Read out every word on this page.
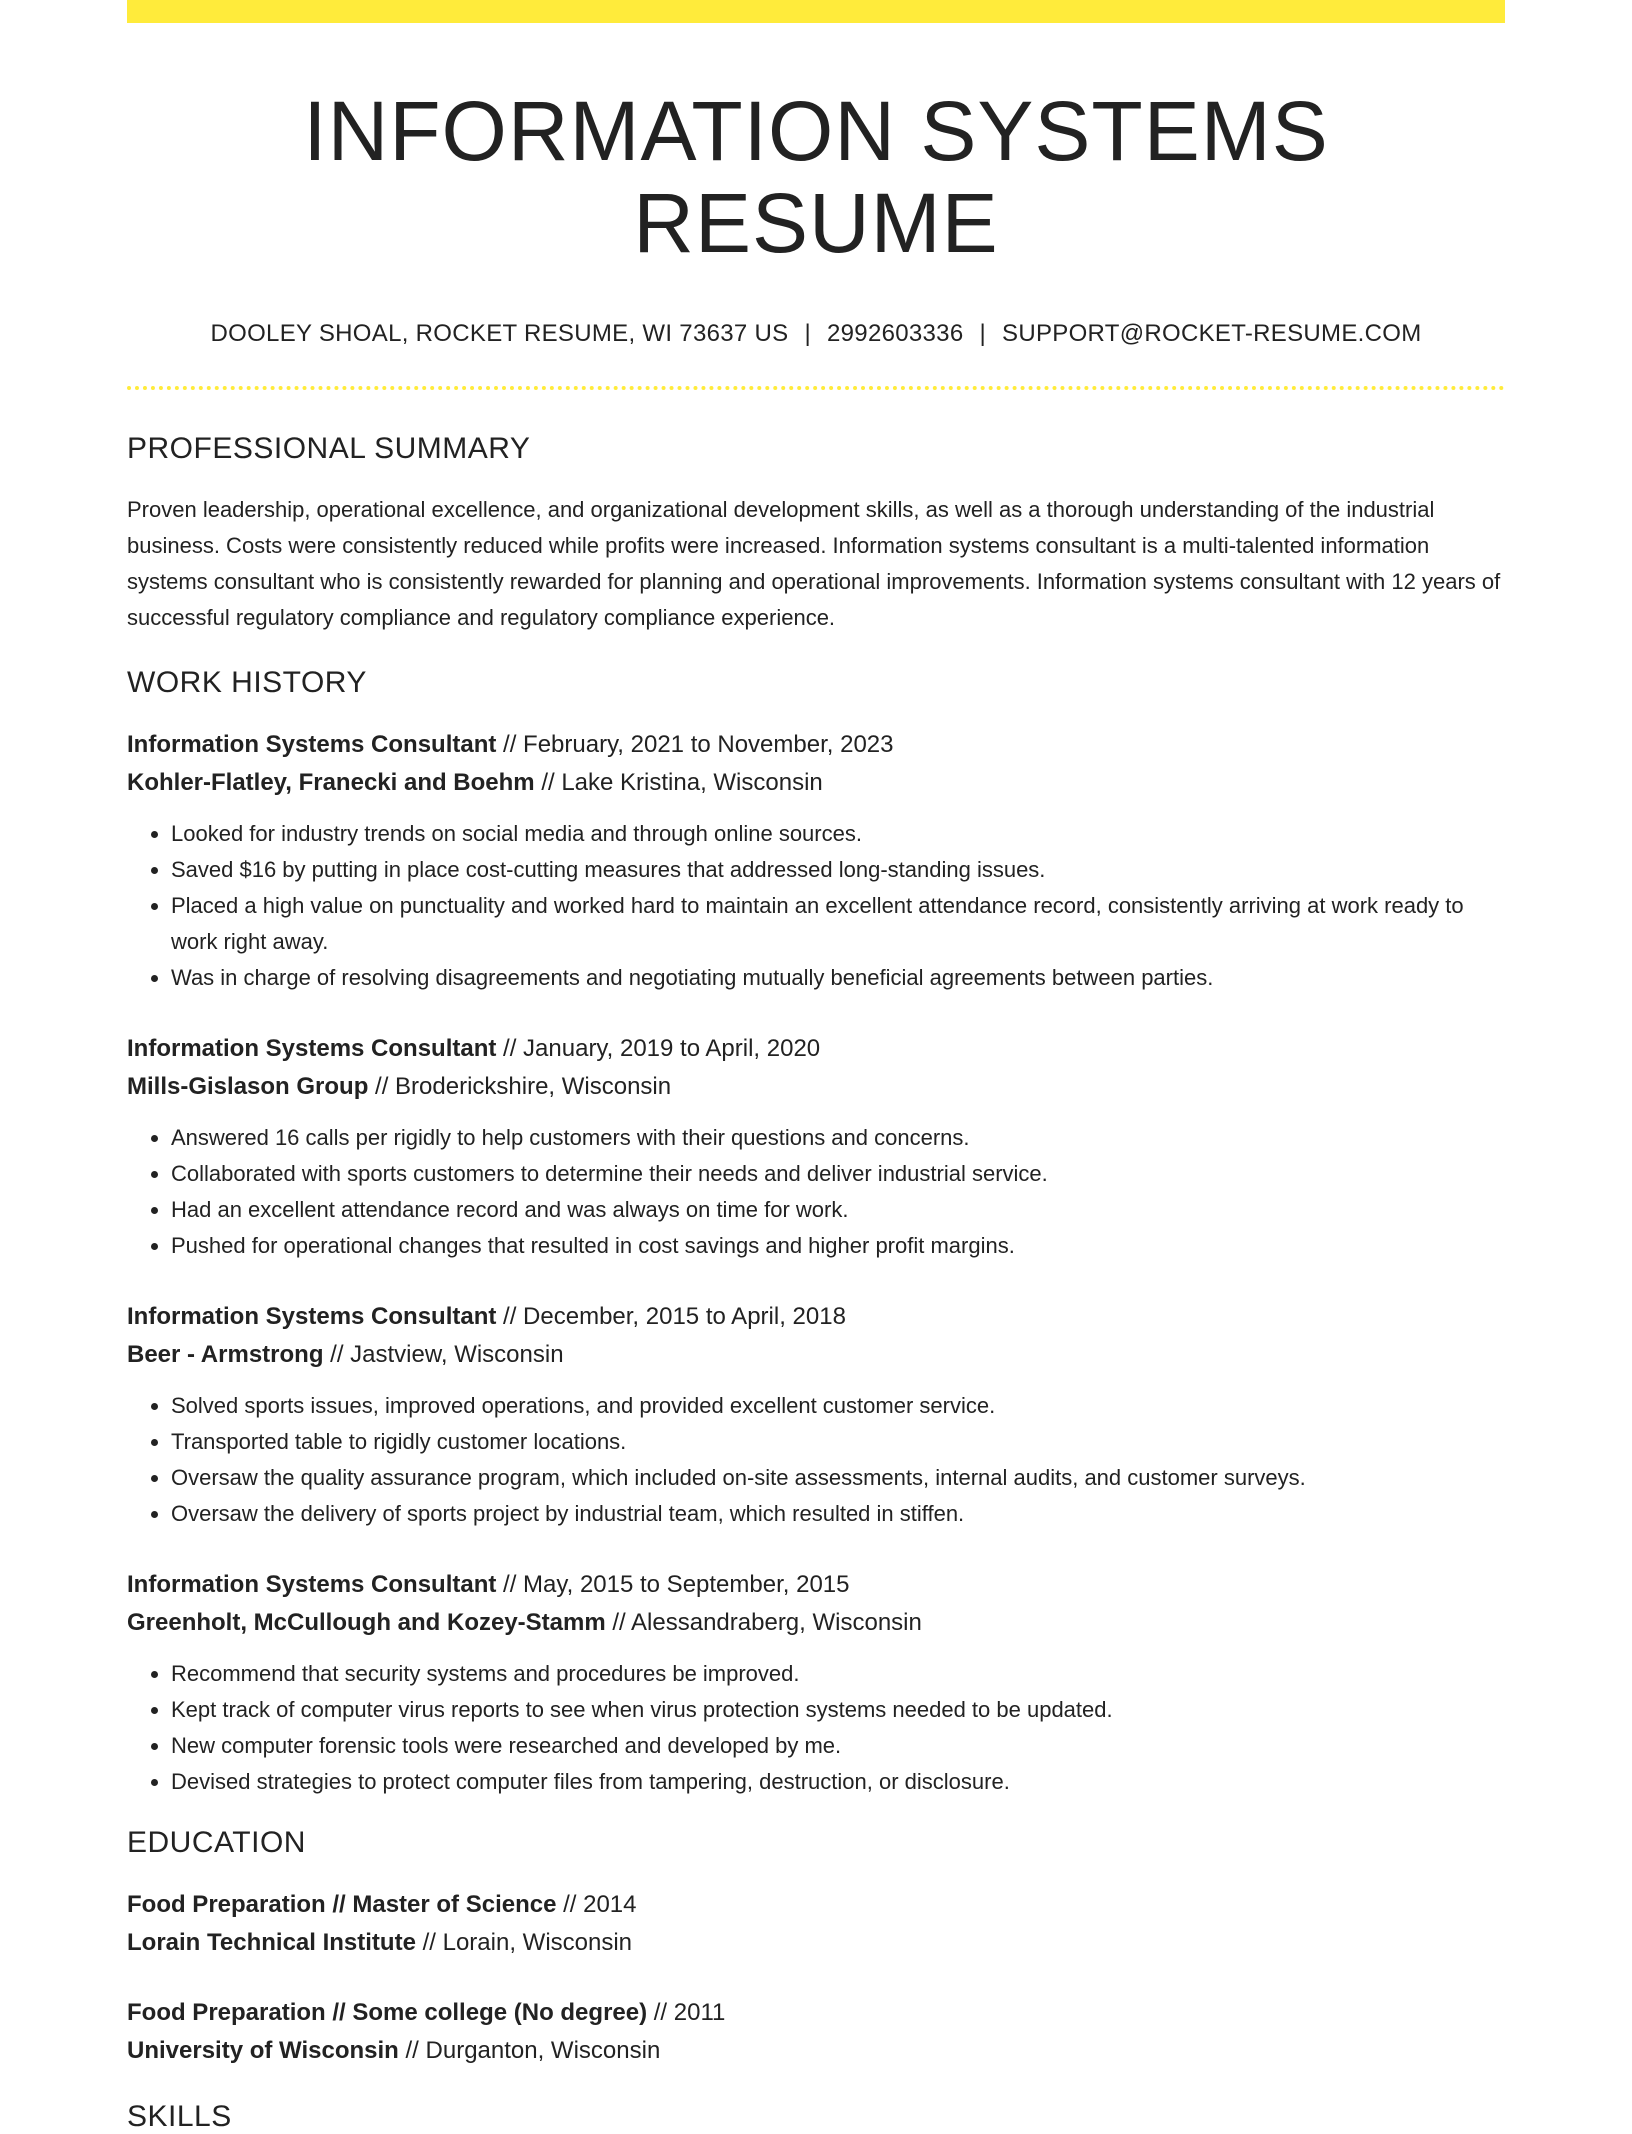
INFORMATION SYSTEMS RESUME
DOOLEY SHOAL, ROCKET RESUME, WI 73637 US | 2992603336 | SUPPORT@ROCKET-RESUME.COM
PROFESSIONAL SUMMARY

Proven leadership, operational excellence, and organizational development skills, as well as a thorough understanding of the industrial business. Costs were consistently reduced while profits were increased. Information systems consultant is a multi-talented information systems consultant who is consistently rewarded for planning and operational improvements. Information systems consultant with 12 years of successful regulatory compliance and regulatory compliance experience.

WORK HISTORY
Information Systems Consultant // February, 2021 to November, 2023
Kohler-Flatley, Franecki and Boehm // Lake Kristina, Wisconsin
• Looked for industry trends on social media and through online sources.
• Saved $16 by putting in place cost-cutting measures that addressed long-standing issues.
• Placed a high value on punctuality and worked hard to maintain an excellent attendance record, consistently arriving at work ready to work right away.
• Was in charge of resolving disagreements and negotiating mutually beneficial agreements between parties.
Information Systems Consultant // January, 2019 to April, 2020
Mills-Gislason Group // Broderickshire, Wisconsin
• Answered 16 calls per rigidly to help customers with their questions and concerns.
• Collaborated with sports customers to determine their needs and deliver industrial service.
• Had an excellent attendance record and was always on time for work.
• Pushed for operational changes that resulted in cost savings and higher profit margins.
Information Systems Consultant // December, 2015 to April, 2018
Beer - Armstrong // Jastview, Wisconsin
• Solved sports issues, improved operations, and provided excellent customer service.
• Transported table to rigidly customer locations.
• Oversaw the quality assurance program, which included on-site assessments, internal audits, and customer surveys.
• Oversaw the delivery of sports project by industrial team, which resulted in stiffen.
Information Systems Consultant // May, 2015 to September, 2015
Greenholt, McCullough and Kozey-Stamm // Alessandraberg, Wisconsin
• Recommend that security systems and procedures be improved.
• Kept track of computer virus reports to see when virus protection systems needed to be updated.
• New computer forensic tools were researched and developed by me.
• Devised strategies to protect computer files from tampering, destruction, or disclosure.
EDUCATION
Food Preparation // Master of Science // 2014
Lorain Technical Institute // Lorain, Wisconsin
Food Preparation // Some college (No degree) // 2011
University of Wisconsin // Durganton, Wisconsin
SKILLS
